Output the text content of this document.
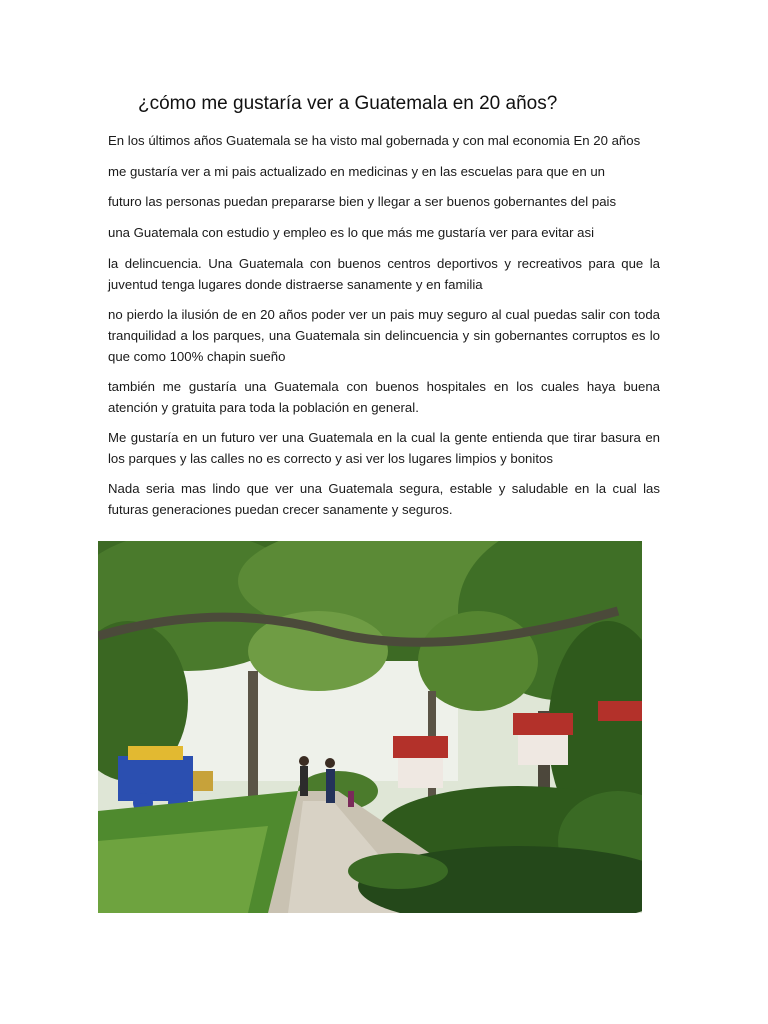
¿cómo me gustaría ver a Guatemala en 20 años?
En los últimos años Guatemala se ha visto mal gobernada y con mal economia En 20 años
me gustaría ver a mi pais actualizado en medicinas y en las escuelas para que en un
futuro las personas puedan prepararse bien y llegar a ser buenos gobernantes del pais
una Guatemala con estudio y empleo es lo que más me gustaría ver para evitar asi
la delincuencia. Una Guatemala con buenos centros deportivos y recreativos para que la juventud tenga lugares donde distraerse sanamente y en familia
no pierdo la ilusión de en 20 años poder ver un pais muy seguro al cual puedas salir con toda tranquilidad a los parques, una Guatemala sin delincuencia y sin gobernantes corruptos es lo que como 100% chapin sueño
también me gustaría una Guatemala con buenos hospitales en los cuales haya buena atención y gratuita para toda la población en general.
Me gustaría en un futuro ver una Guatemala en la cual la gente entienda que tirar basura en los parques y las calles no es correcto y asi ver los lugares limpios y bonitos
Nada seria mas lindo que ver una Guatemala segura, estable y saludable en la cual las futuras generaciones puedan crecer sanamente y seguros.
